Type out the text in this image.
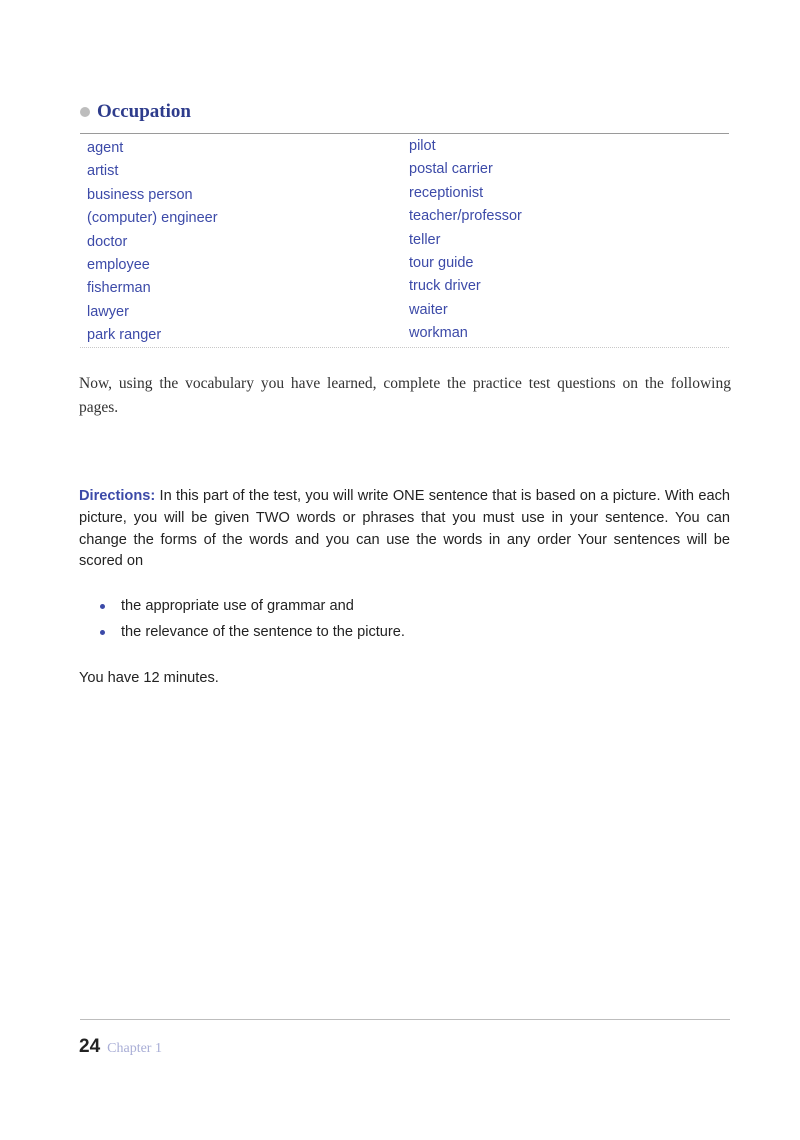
Occupation
agent
artist
business person
(computer) engineer
doctor
employee
fisherman
lawyer
park ranger
pilot
postal carrier
receptionist
teacher/professor
teller
tour guide
truck driver
waiter
workman

Now, using the vocabulary you have learned, complete the practice test questions on the following pages.

Directions: In this part of the test, you will write ONE sentence that is based on a picture. With each picture, you will be given TWO words or phrases that you must use in your sentence. You can change the forms of the words and you can use the words in any order Your sentences will be scored on

the appropriate use of grammar and
the relevance of the sentence to the picture.

You have 12 minutes.

24 Chapter 1
